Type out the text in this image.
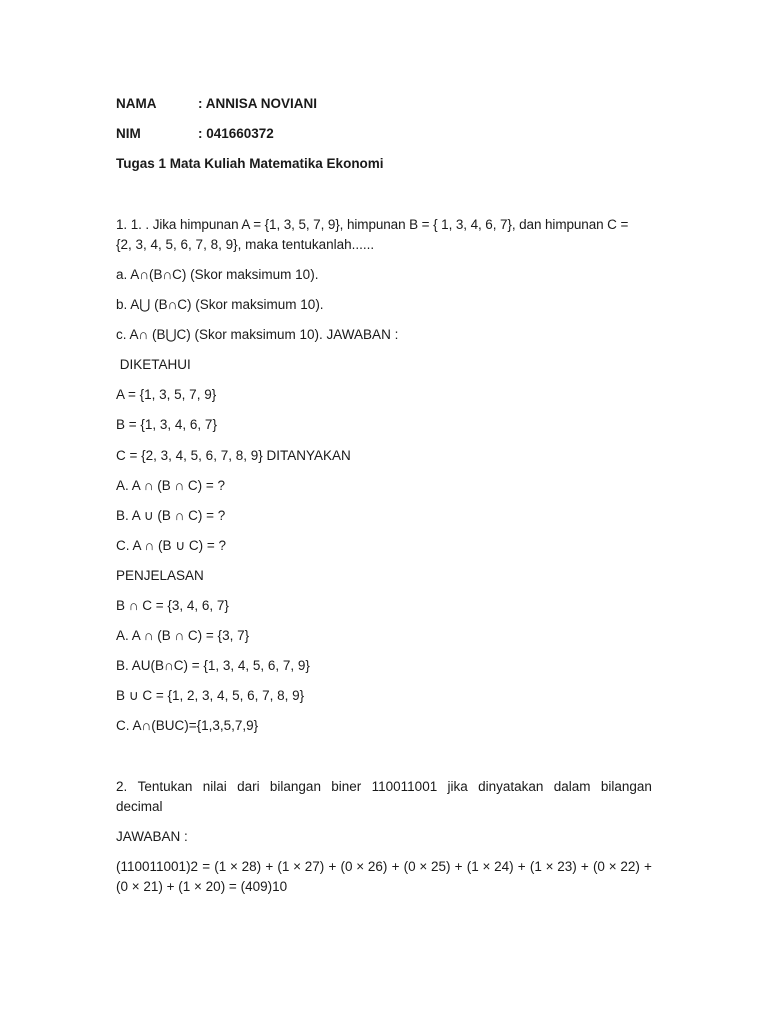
NAMA	: ANNISA NOVIANI
NIM	: 041660372
Tugas 1 Mata Kuliah Matematika Ekonomi
1. 1. . Jika himpunan A = {1, 3, 5, 7, 9}, himpunan B = { 1, 3, 4, 6, 7}, dan himpunan C =
{2, 3, 4, 5, 6, 7, 8, 9}, maka tentukanlah......
a. A∩(B∩C) (Skor maksimum 10).
b. A⋃ (B∩C) (Skor maksimum 10).
c. A∩ (B⋃C) (Skor maksimum 10). JAWABAN :
DIKETAHUI
A = {1, 3, 5, 7, 9}
B = {1, 3, 4, 6, 7}
C = {2, 3, 4, 5, 6, 7, 8, 9} DITANYAKAN
A. A ∩ (B ∩ C) = ?
B. A ∪ (B ∩ C) = ?
C. A ∩ (B ∪ C) = ?
PENJELASAN
B ∩ C = {3, 4, 6, 7}
A. A ∩ (B ∩ C) = {3, 7}
B. AU(B∩C) = {1, 3, 4, 5, 6, 7, 9}
B ∪ C = {1, 2, 3, 4, 5, 6, 7, 8, 9}
C. A∩(BUC)={1,3,5,7,9}
2. Tentukan nilai dari bilangan biner 110011001 jika dinyatakan dalam bilangan
decimal
JAWABAN :
(110011001)2 = (1 × 28) + (1 × 27) + (0 × 26) + (0 × 25) + (1 × 24) + (1 × 23) + (0 × 22) +
(0 × 21) + (1 × 20) = (409)10
